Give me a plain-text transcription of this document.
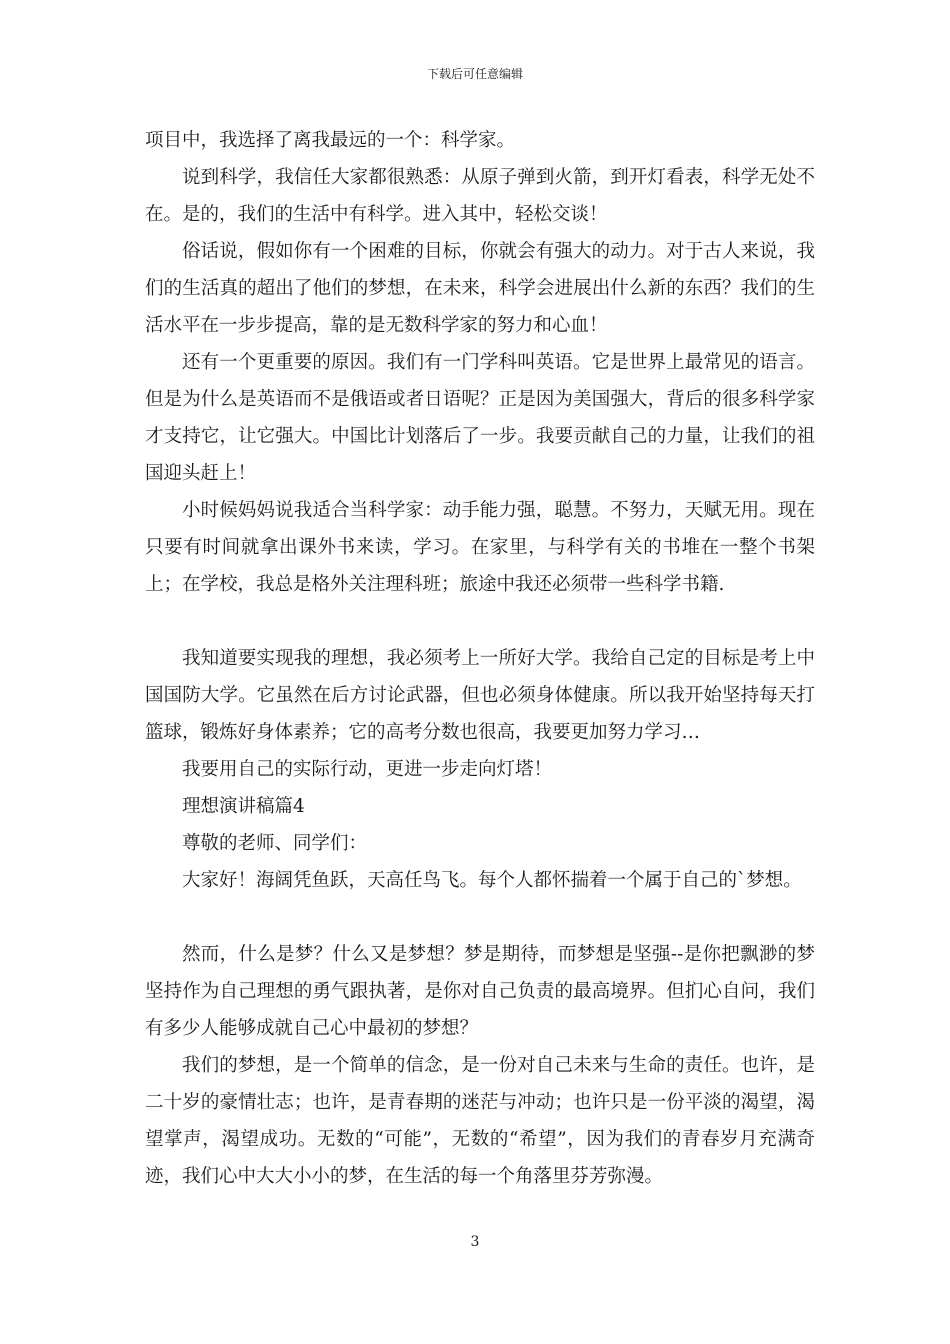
下载后可任意编辑

项目中，我选择了离我最远的一个：科学家。

说到科学，我信任大家都很熟悉：从原子弹到火箭，到开灯看表，科学无处不在。是的，我们的生活中有科学。进入其中，轻松交谈！

俗话说，假如你有一个困难的目标，你就会有强大的动力。对于古人来说，我们的生活真的超出了他们的梦想，在未来，科学会进展出什么新的东西？我们的生活水平在一步步提高，靠的是无数科学家的努力和心血！

还有一个更重要的原因。我们有一门学科叫英语。它是世界上最常见的语言。但是为什么是英语而不是俄语或者日语呢？正是因为美国强大，背后的很多科学家才支持它，让它强大。中国比计划落后了一步。我要贡献自己的力量，让我们的祖国迎头赶上！

小时候妈妈说我适合当科学家：动手能力强，聪慧。不努力，天赋无用。现在只要有时间就拿出课外书来读，学习。在家里，与科学有关的书堆在一整个书架上；在学校，我总是格外关注理科班；旅途中我还必须带一些科学书籍.

我知道要实现我的理想，我必须考上一所好大学。我给自己定的目标是考上中国国防大学。它虽然在后方讨论武器，但也必须身体健康。所以我开始坚持每天打篮球，锻炼好身体素养；它的高考分数也很高，我要更加努力学习…

我要用自己的实际行动，更进一步走向灯塔！

理想演讲稿篇4

尊敬的老师、同学们：

大家好！海阔凭鱼跃，天高任鸟飞。每个人都怀揣着一个属于自己的`梦想。

然而，什么是梦？什么又是梦想？梦是期待，而梦想是坚强--是你把飘渺的梦坚持作为自己理想的勇气跟执著，是你对自己负责的最高境界。但扪心自问，我们有多少人能够成就自己心中最初的梦想？

我们的梦想，是一个简单的信念，是一份对自己未来与生命的责任。也许，是二十岁的豪情壮志；也许，是青春期的迷茫与冲动；也许只是一份平淡的渴望，渴望掌声，渴望成功。无数的“可能”，无数的“希望”，因为我们的青春岁月充满奇迹，我们心中大大小小的梦，在生活的每一个角落里芬芳弥漫。

3
